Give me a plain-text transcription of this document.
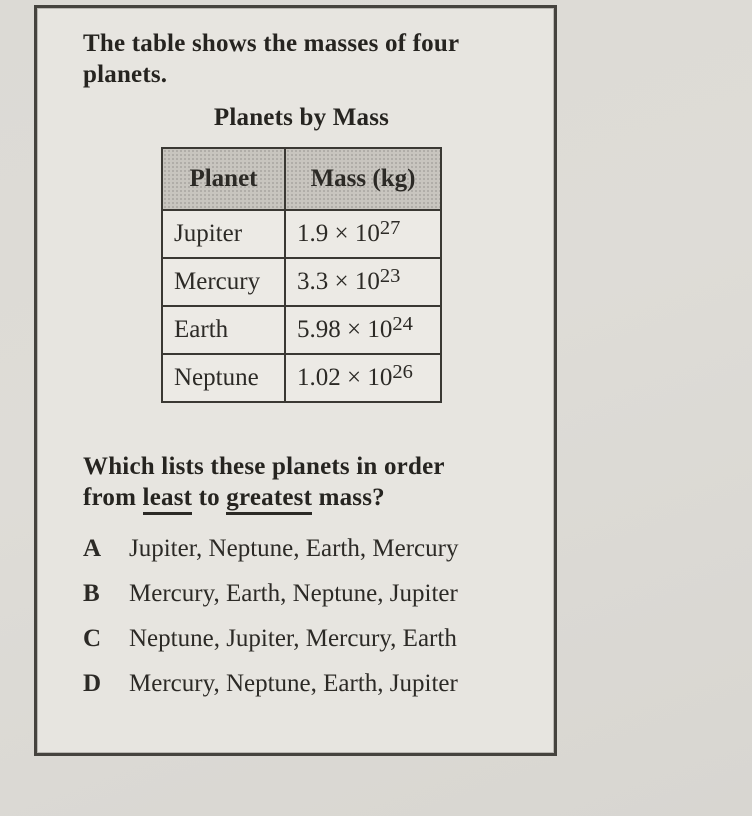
The table shows the masses of four planets.

Planets by Mass

Planet	Mass (kg)
Jupiter	$1.9 \times 10^{27}$
Mercury	$3.3 \times 10^{23}$
Earth	$5.98 \times 10^{24}$
Neptune	$1.02 \times 10^{26}$

Which lists these planets in order
from least to greatest mass?

A	Jupiter, Neptune, Earth, Mercury
B	Mercury, Earth, Neptune, Jupiter
C	Neptune, Jupiter, Mercury, Earth
D	Mercury, Neptune, Earth, Jupiter
